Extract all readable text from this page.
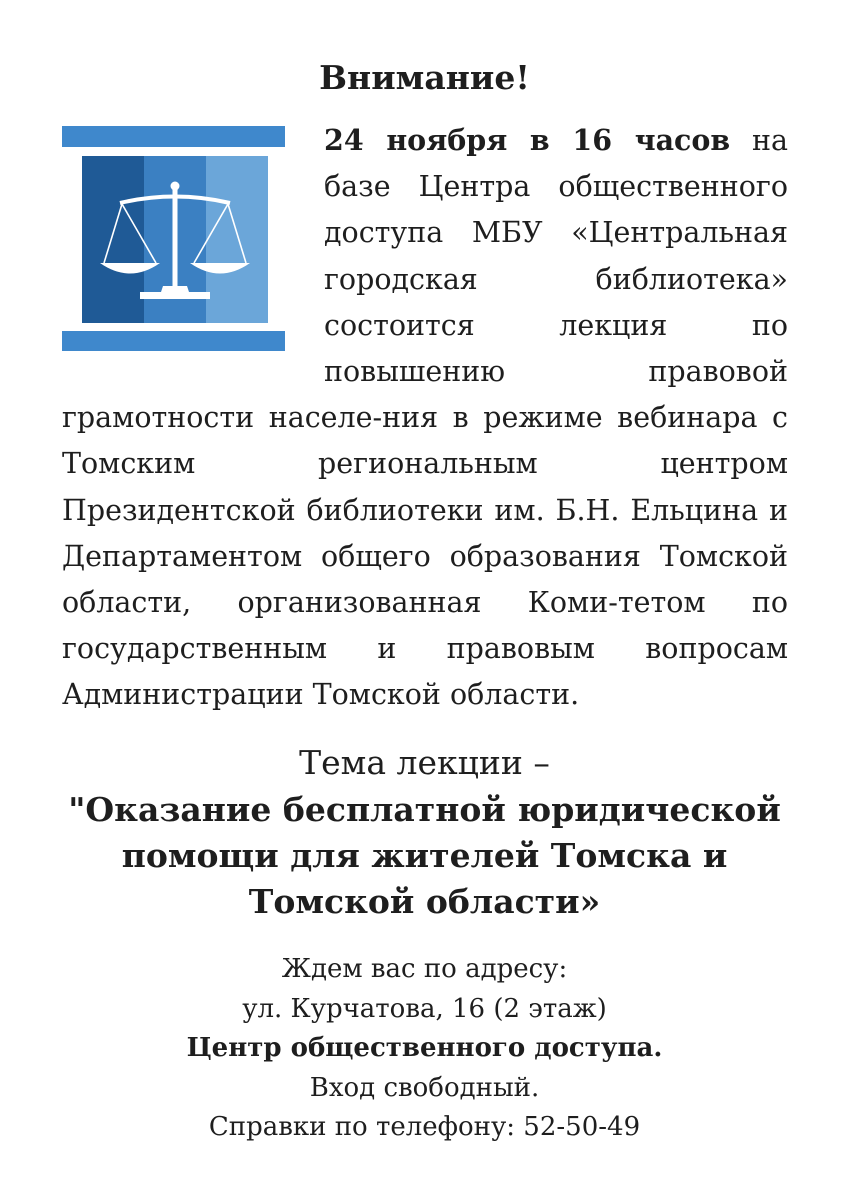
Внимание!

24 ноября в 16 часов на базе Центра общественного доступа МБУ «Центральная городская библиотека» состоится лекция по повышению правовой грамотности населе-ния в режиме вебинара с Томским региональным центром Президентской библиотеки им. Б.Н. Ельцина и Департаментом общего образования Томской области, организованная Коми-тетом по государственным и правовым вопросам Администрации Томской области.

Тема лекции –
"Оказание бесплатной юридической
помощи для жителей Томска и
Томской области»
Ждем вас по адресу:
ул. Курчатова, 16 (2 этаж)
Центр общественного доступа.
Вход свободный.
Справки по телефону: 52-50-49
